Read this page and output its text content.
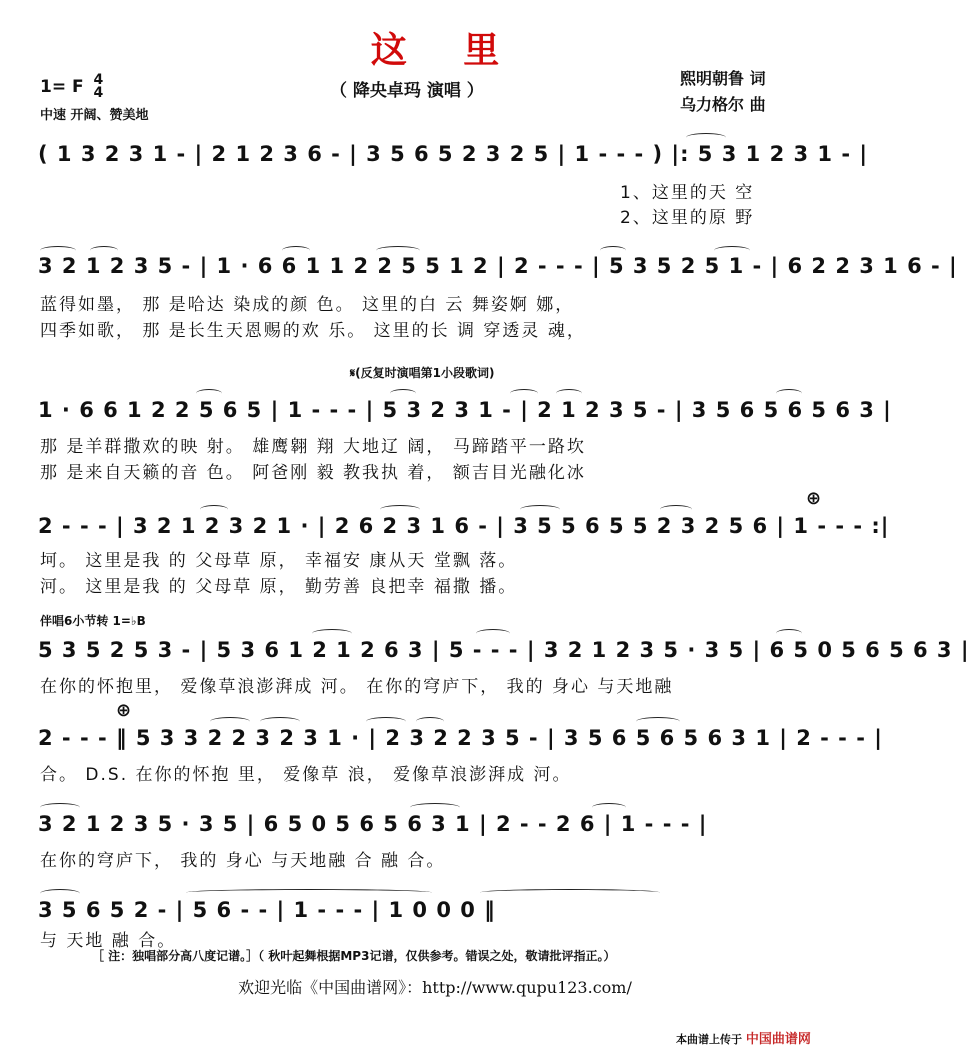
这 里
（ 降央卓玛 演唱 ）
1= F 4
4
中速 开阔、赞美地
熙明朝鲁 词
乌力格尔 曲
( 1 3 2 3 1 - | 2 1 2 3 6 - | 3 5 6 5 2 3 2 5 | 1 - - - ) |: 5 3 1 2 3 1 - |
1、这里的天 空
2、这里的原 野
3 2 1 2 3 5 - | 1 · 6 6 1 1 2 2 5 5 1 2 | 2 - - - | 5 3 5 2 5 1 - | 6 2 2 3 1 6 - |
蓝得如墨， 那 是哈达 染成的颜 色。 这里的白 云 舞姿婀 娜，
四季如歌， 那 是长生天恩赐的欢 乐。 这里的长 调 穿透灵 魂，
𝄋(反复时演唱第1小段歌词)
1 · 6 6 1 2 2 5 6 5 | 1 - - - | 5 3 2 3 1 - | 2 1 2 3 5 - | 3 5 6 5 6 5 6 3 |
那 是羊群撒欢的映 射。 雄鹰翱 翔 大地辽 阔， 马蹄踏平一路坎
那 是来自天籁的音 色。 阿爸刚 毅 教我执 着， 额吉目光融化冰
⊕
2 - - - | 3 2 1 2 3 2 1 · | 2 6 2 3 1 6 - | 3 5 5 6 5 5 2 3 2 5 6 | 1 - - - :|
坷。 这里是我 的 父母草 原， 幸福安 康从天 堂飘 落。
河。 这里是我 的 父母草 原， 勤劳善 良把幸 福撒 播。
伴唱6小节转 1=♭B
5 3 5 2 5 3 - | 5 3 6 1 2 1 2 6 3 | 5 - - - | 3 2 1 2 3 5 · 3 5 | 6 5 0 5 6 5 6 3 |
在你的怀抱里， 爱像草浪澎湃成 河。 在你的穹庐下， 我的 身心 与天地融
⊕
2 - - - ‖ 5 3 3 2 2 3 2 3 1 · | 2 3 2 2 3 5 - | 3 5 6 5 6 5 6 3 1 | 2 - - - |
合。 D.S. 在你的怀抱 里， 爱像草 浪， 爱像草浪澎湃成 河。
3 2 1 2 3 5 · 3 5 | 6 5 0 5 6 5 6 3 1 | 2 - - 2 6 | 1 - - - |
在你的穹庐下， 我的 身心 与天地融 合 融 合。
3 5 6 5 2 - | 5 6 - - | 1 - - - | 1 0 0 0 ‖
与 天地 融 合。
［ 注：独唱部分高八度记谱。］（ 秋叶起舞根据MP3记谱，仅供参考。错误之处，敬请批评指正。）
欢迎光临《中国曲谱网》：http://www.qupu123.com/
本曲谱上传于 中国曲谱网
